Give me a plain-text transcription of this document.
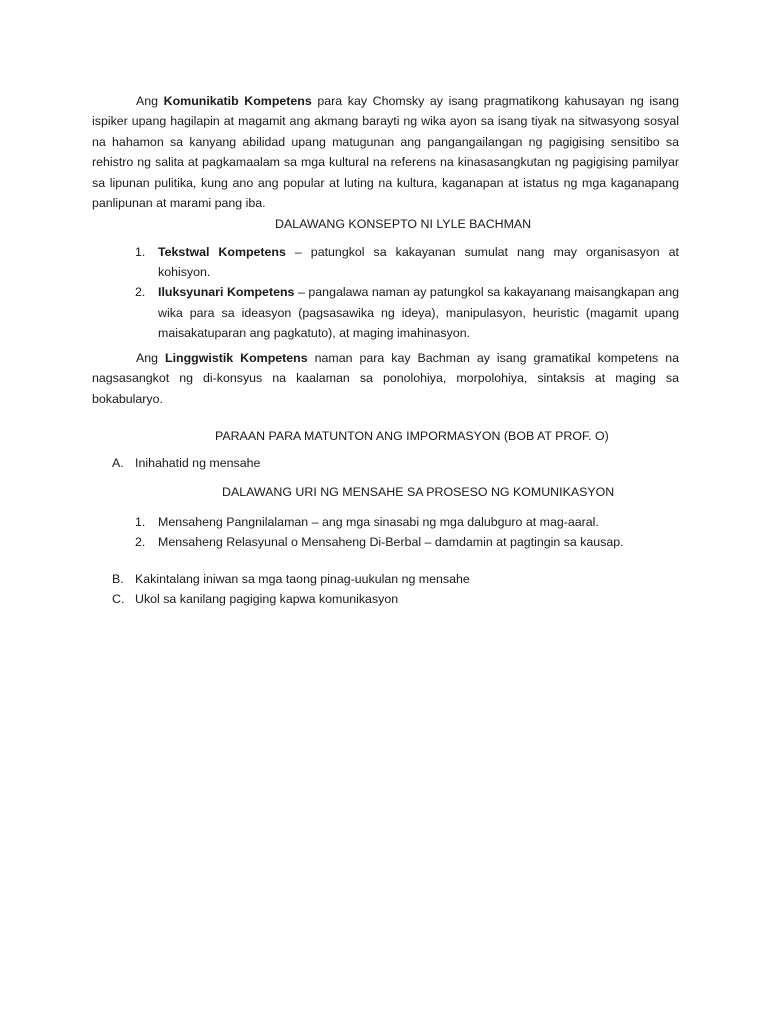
Ang Komunikatib Kompetens para kay Chomsky ay isang pragmatikong kahusayan ng isang ispiker upang hagilapin at magamit ang akmang barayti ng wika ayon sa isang tiyak na sitwasyong sosyal na hahamon sa kanyang abilidad upang matugunan ang pangangailangan ng pagigising sensitibo sa rehistro ng salita at pagkamaalam sa mga kultural na referens na kinasasangkutan ng pagigising pamilyar sa lipunan pulitika, kung ano ang popular at luting na kultura, kaganapan at istatus ng mga kaganapang panlipunan at marami pang iba.

DALAWANG KONSEPTO NI LYLE BACHMAN
1. Tekstwal Kompetens – patungkol sa kakayanan sumulat nang may organisasyon at kohisyon.
2. Iluksyunari Kompetens – pangalawa naman ay patungkol sa kakayanang maisangkapan ang wika para sa ideasyon (pagsasawika ng ideya), manipulasyon, heuristic (magamit upang maisakatuparan ang pagkatuto), at maging imahinasyon.

Ang Linggwistik Kompetens naman para kay Bachman ay isang gramatikal kompetens na nagsasangkot ng di-konsyus na kaalaman sa ponolohiya, morpolohiya, sintaksis at maging sa bokabularyo.

PARAAN PARA MATUNTON ANG IMPORMASYON (BOB AT PROF. O)
A. Inihahatid ng mensahe
DALAWANG URI NG MENSAHE SA PROSESO NG KOMUNIKASYON
1. Mensaheng Pangnilalaman – ang mga sinasabi ng mga dalubguro at mag-aaral.
2. Mensaheng Relasyunal o Mensaheng Di-Berbal – damdamin at pagtingin sa kausap.
B. Kakintalang iniwan sa mga taong pinag-uukulan ng mensahe
C. Ukol sa kanilang pagiging kapwa komunikasyon
